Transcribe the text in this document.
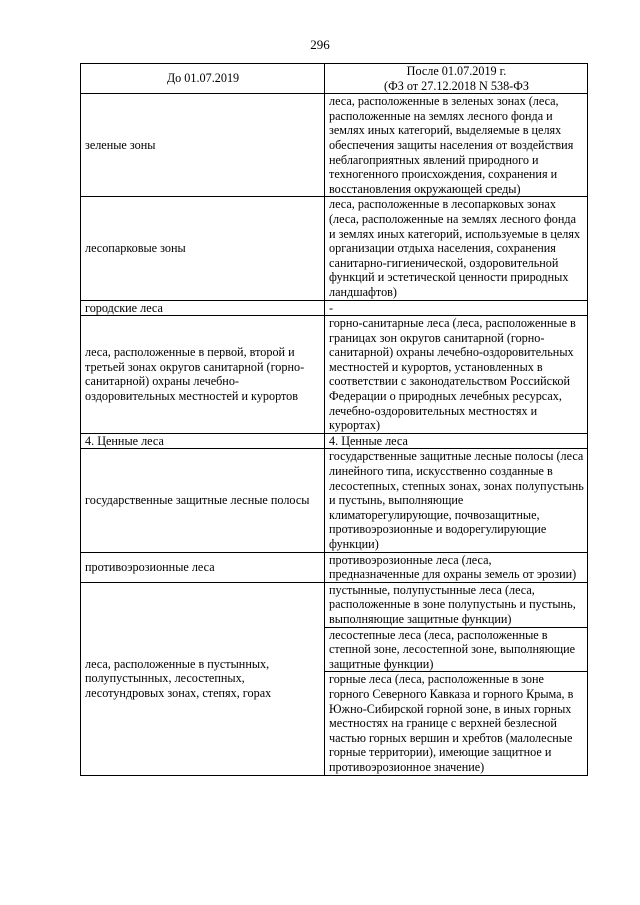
296
До 01.07.2019	После 01.07.2019 г.
(ФЗ от 27.12.2018 N 538-ФЗ

зеленые зоны	леса, расположенные в зеленых зонах (леса, расположенные на землях лесного фонда и землях иных категорий, выделяемые в целях обеспечения защиты населения от воздействия неблагоприятных явлений природного и техногенного происхождения, сохранения и восстановления окружающей среды)
лесопарковые зоны	леса, расположенные в лесопарковых зонах (леса, расположенные на землях лесного фонда и землях иных категорий, используемые в целях организации отдыха населения, сохранения санитарно-гигиенической, оздоровительной функций и эстетической ценности природных ландшафтов)
городские леса	-
леса, расположенные в первой, второй и третьей зонах округов санитарной (горно-санитарной) охраны лечебно-оздоровительных местностей и курортов	горно-санитарные леса (леса, расположенные в границах зон округов санитарной (горно-санитарной) охраны лечебно-оздоровительных местностей и курортов, установленных в соответствии с законодательством Российской Федерации о природных лечебных ресурсах, лечебно-оздоровительных местностях и курортах)
4. Ценные леса	4. Ценные леса
государственные защитные лесные полосы	государственные защитные лесные полосы (леса линейного типа, искусственно созданные в лесостепных, степных зонах, зонах полупустынь и пустынь, выполняющие климаторегулирующие, почвозащитные, противоэрозионные и водорегулирующие функции)
противоэрозионные леса	противоэрозионные леса (леса, предназначенные для охраны земель от эрозии)
леса, расположенные в пустынных, полупустынных, лесостепных, лесотундровых зонах, степях, горах	пустынные, полупустынные леса (леса, расположенные в зоне полупустынь и пустынь, выполняющие защитные функции)
лесостепные леса (леса, расположенные в степной зоне, лесостепной зоне, выполняющие защитные функции)
горные леса (леса, расположенные в зоне горного Северного Кавказа и горного Крыма, в Южно-Сибирской горной зоне, в иных горных местностях на границе с верхней безлесной частью горных вершин и хребтов (малолесные горные территории), имеющие защитное и противоэрозионное значение)
